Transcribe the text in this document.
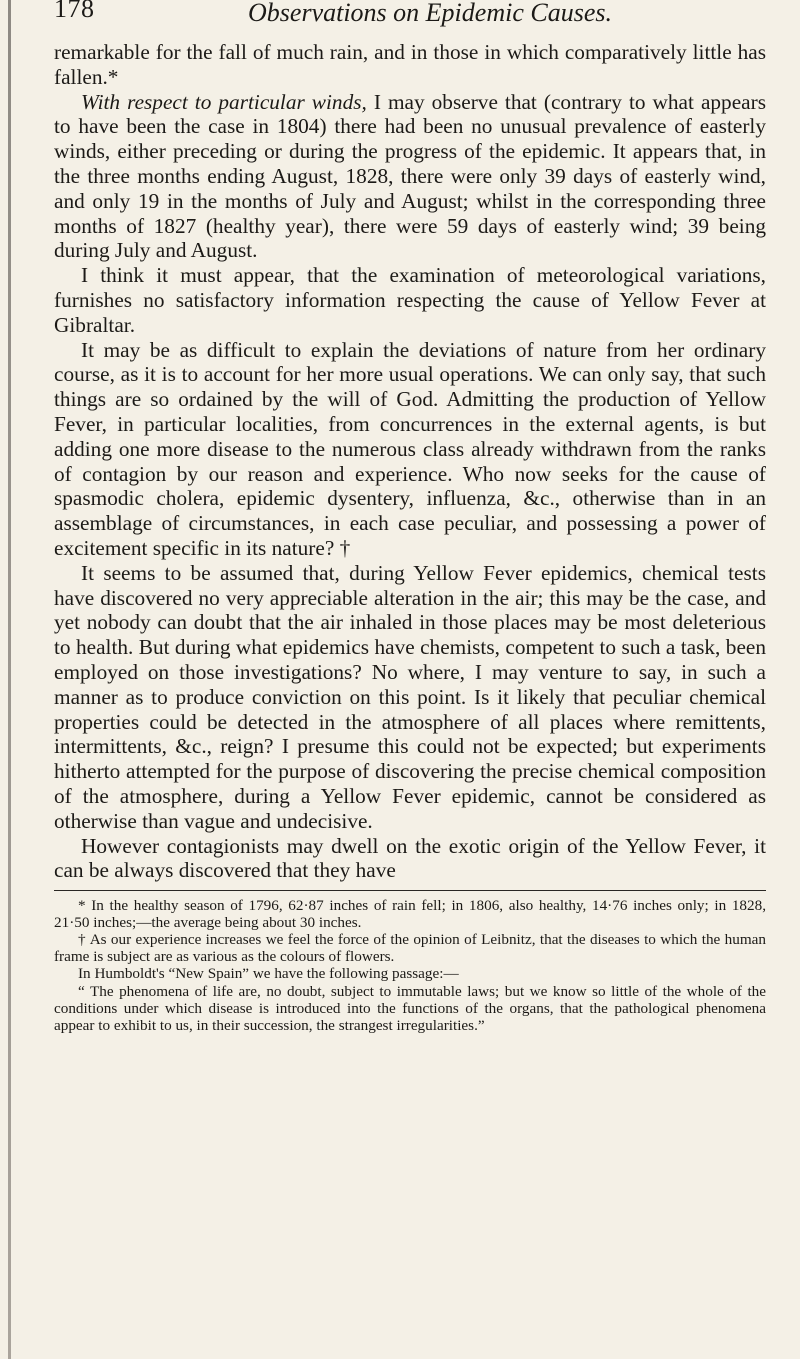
178	Observations on Epidemic Causes.

remarkable for the fall of much rain, and in those in which comparatively little has fallen.*

With respect to particular winds, I may observe that (contrary to what appears to have been the case in 1804) there had been no unusual prevalence of easterly winds, either preceding or during the progress of the epidemic. It appears that, in the three months ending August, 1828, there were only 39 days of easterly wind, and only 19 in the months of July and August; whilst in the corresponding three months of 1827 (healthy year), there were 59 days of easterly wind; 39 being during July and August.

I think it must appear, that the examination of meteorological variations, furnishes no satisfactory information respecting the cause of Yellow Fever at Gibraltar.

It may be as difficult to explain the deviations of nature from her ordinary course, as it is to account for her more usual operations. We can only say, that such things are so ordained by the will of God. Admitting the production of Yellow Fever, in particular localities, from concurrences in the external agents, is but adding one more disease to the numerous class already withdrawn from the ranks of contagion by our reason and experience. Who now seeks for the cause of spasmodic cholera, epidemic dysentery, influenza, &c., otherwise than in an assemblage of circumstances, in each case peculiar, and possessing a power of excitement specific in its nature? †

It seems to be assumed that, during Yellow Fever epidemics, chemical tests have discovered no very appreciable alteration in the air; this may be the case, and yet nobody can doubt that the air inhaled in those places may be most deleterious to health. But during what epidemics have chemists, competent to such a task, been employed on those investigations? No where, I may venture to say, in such a manner as to produce conviction on this point. Is it likely that peculiar chemical properties could be detected in the atmosphere of all places where remittents, intermittents, &c., reign? I presume this could not be expected; but experiments hitherto attempted for the purpose of discovering the precise chemical composition of the atmosphere, during a Yellow Fever epidemic, cannot be considered as otherwise than vague and undecisive.

However contagionists may dwell on the exotic origin of the Yellow Fever, it can be always discovered that they have

* In the healthy season of 1796, 62·87 inches of rain fell; in 1806, also healthy, 14·76 inches only; in 1828, 21·50 inches;—the average being about 30 inches.

† As our experience increases we feel the force of the opinion of Leibnitz, that the diseases to which the human frame is subject are as various as the colours of flowers.

In Humboldt's “New Spain” we have the following passage:—

“ The phenomena of life are, no doubt, subject to immutable laws; but we know so little of the whole of the conditions under which disease is introduced into the functions of the organs, that the pathological phenomena appear to exhibit to us, in their succession, the strangest irregularities.”
